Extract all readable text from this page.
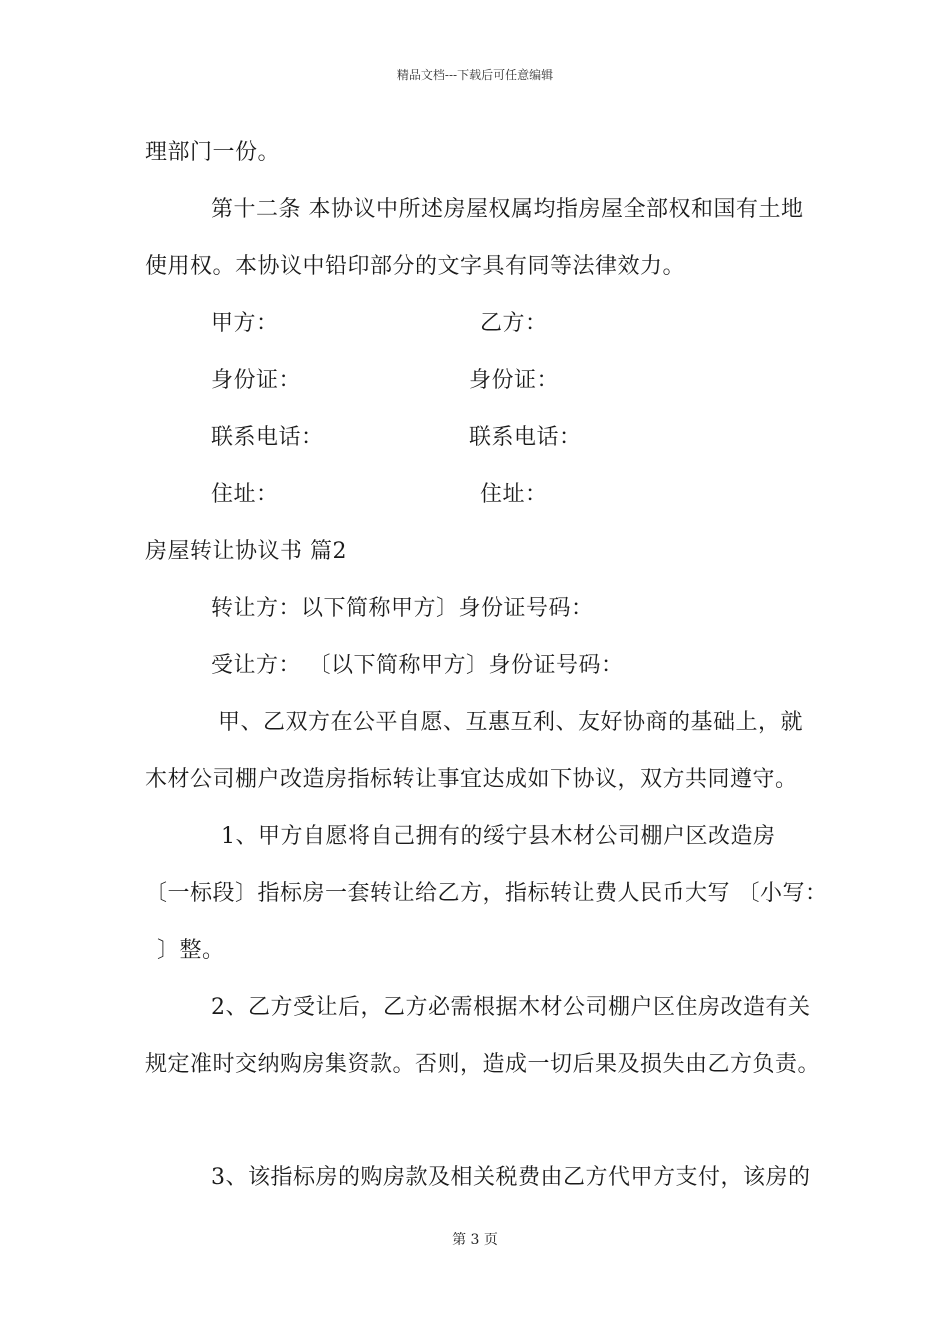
精品文档---下载后可任意编辑
理部门一份。
第十二条 本协议中所述房屋权属均指房屋全部权和国有土地
使用权。本协议中铅印部分的文字具有同等法律效力。
甲方：	乙方：
身份证：	身份证：
联系电话：	联系电话：
住址：	住址：
房屋转让协议书 篇2
转让方：以下简称甲方〕身份证号码：
受让方： 〔以下简称甲方〕身份证号码：
甲、乙双方在公平自愿、互惠互利、友好协商的基础上，就
木材公司棚户改造房指标转让事宜达成如下协议，双方共同遵守。
1、甲方自愿将自己拥有的绥宁县木材公司棚户区改造房
〔一标段〕指标房一套转让给乙方，指标转让费人民币大写 〔小写：
〕整。
2、乙方受让后，乙方必需根据木材公司棚户区住房改造有关
规定准时交纳购房集资款。否则，造成一切后果及损失由乙方负责。
3、该指标房的购房款及相关税费由乙方代甲方支付，该房的
第 3 页
